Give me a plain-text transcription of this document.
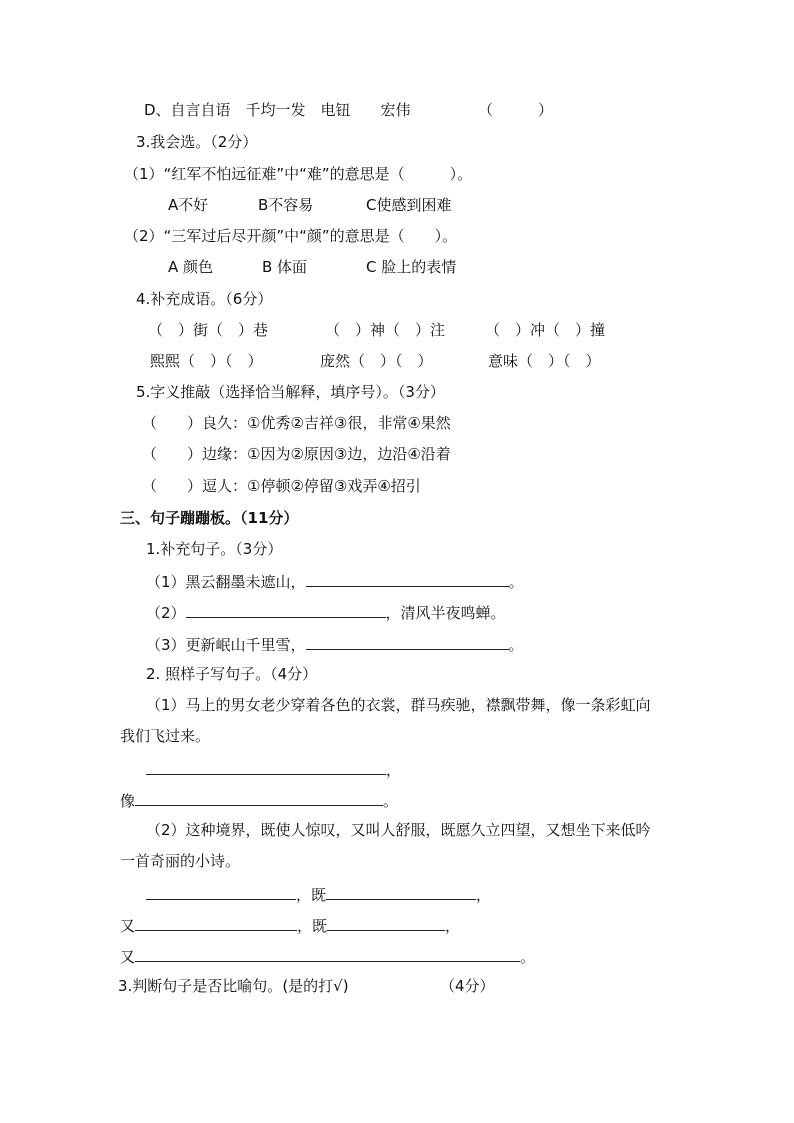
D、自言自语　千均一发　电钮　　宏伟	（　　　）
3.我会选。（2分）
（1）“红军不怕远征难”中“难”的意思是（　　　）。
A不好	B不容易	C使感到困难
（2）“三军过后尽开颜”中“颜”的意思是（　　）。
A 颜色	B 体面	C 脸上的表情
4.补充成语。（6分）
（　）街（　）巷	（　）神（　）注	（　）冲（　）撞
熙熙（　）（　）	庞然（　）（　）	意味（　）（　）
5.字义推敲（选择恰当解释，填序号）。（3分）
（　　）良久：①优秀②吉祥③很，非常④果然
（　　）边缘：①因为②原因③边，边沿④沿着
（　　）逗人：①停顿②停留③戏弄④招引
三、句子蹦蹦板。（11分）
1.补充句子。（3分）
（1）黑云翻墨未遮山，	。
（2）	，清风半夜鸣蝉。
（3）更新岷山千里雪，	。
2. 照样子写句子。（4分）
（1）马上的男女老少穿着各色的衣裳，群马疾驰，襟飘带舞，像一条彩虹向
我们飞过来。
，
像	。
（2）这种境界，既使人惊叹，又叫人舒服，既愿久立四望，又想坐下来低吟
一首奇丽的小诗。
，既	，
又	，既	，
又	。
3.判断句子是否比喻句。(是的打√)	（4分）
